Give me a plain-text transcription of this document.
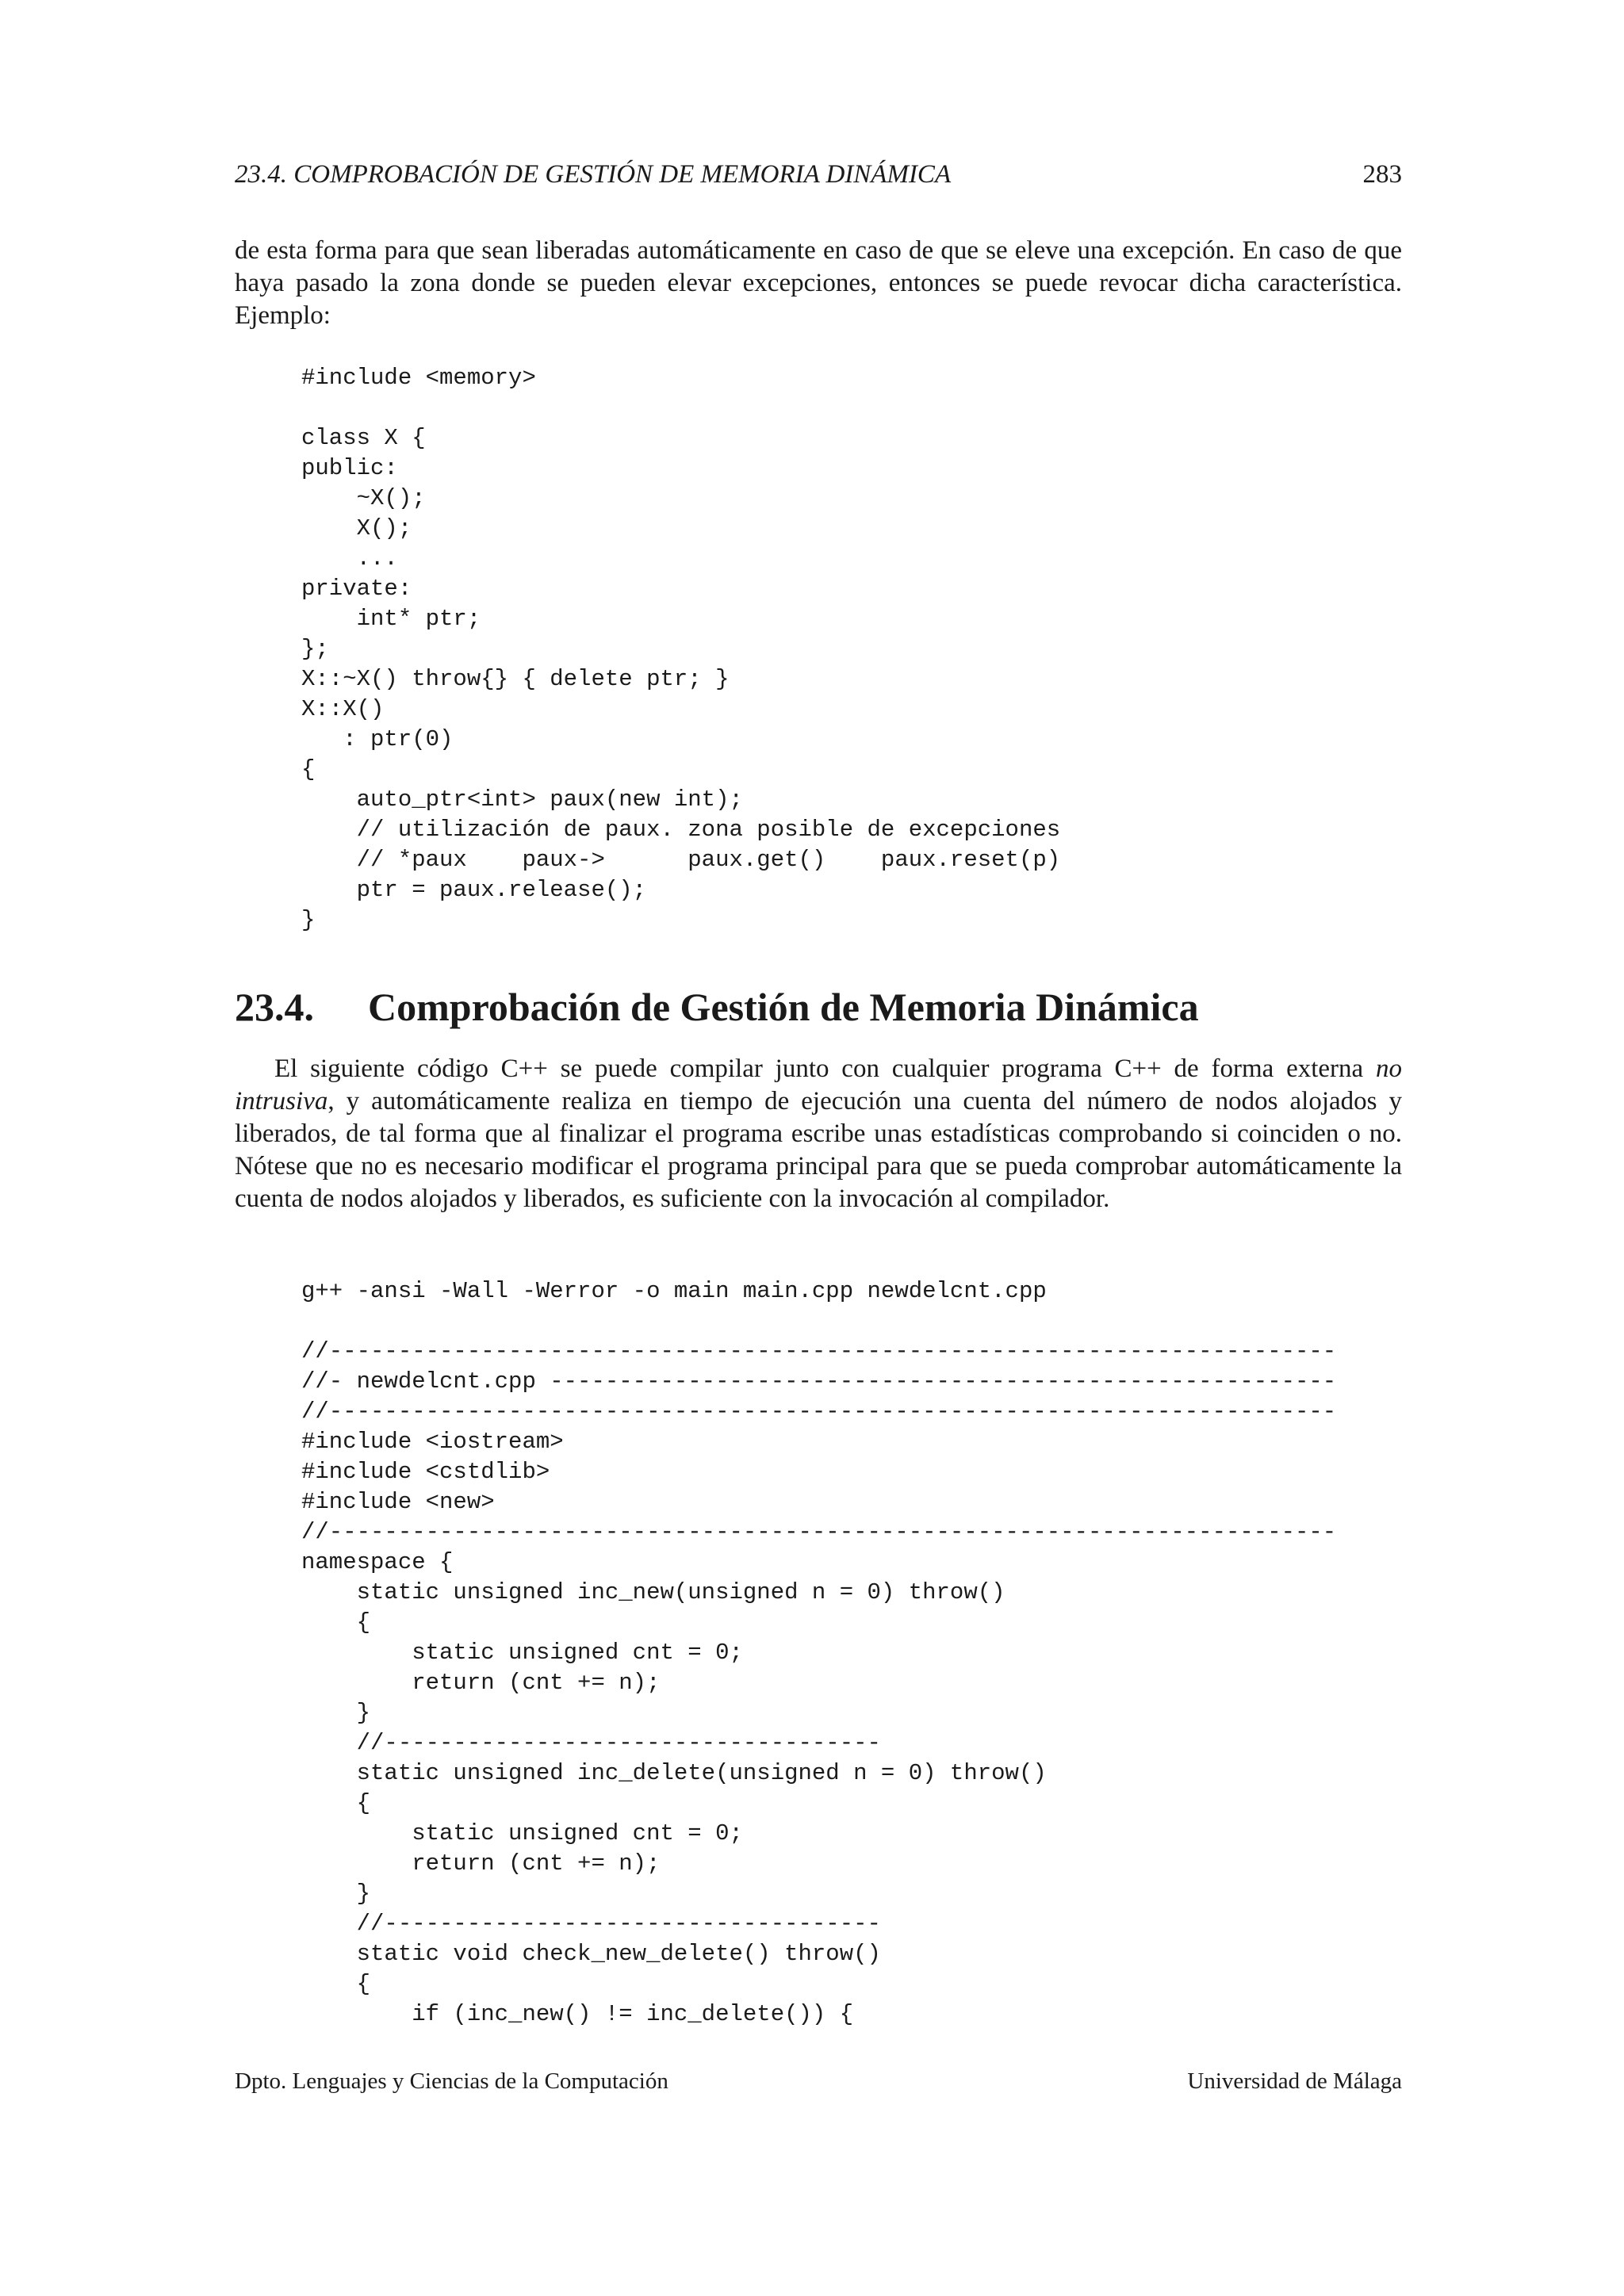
23.4. COMPROBACIÓN DE GESTIÓN DE MEMORIA DINÁMICA	283

de esta forma para que sean liberadas automáticamente en caso de que se eleve una excepción. En caso de que haya pasado la zona donde se pueden elevar excepciones, entonces se puede revocar dicha característica. Ejemplo:

#include <memory>

class X {
public:
~X();
X();
...
private:
int* ptr;
};
X::~X() throw{} { delete ptr; }
X::X()
: ptr(0)
{
auto_ptr<int> paux(new int);
// utilización de paux. zona posible de excepciones
// *paux    paux->      paux.get()    paux.reset(p)
ptr = paux.release();
}
23.4. Comprobación de Gestión de Memoria Dinámica

El siguiente código C++ se puede compilar junto con cualquier programa C++ de forma externa no intrusiva, y automáticamente realiza en tiempo de ejecución una cuenta del número de nodos alojados y liberados, de tal forma que al finalizar el programa escribe unas estadísticas comprobando si coinciden o no. Nótese que no es necesario modificar el programa principal para que se pueda comprobar automáticamente la cuenta de nodos alojados y liberados, es suficiente con la invocación al compilador.

g++ -ansi -Wall -Werror -o main main.cpp newdelcnt.cpp
//-------------------------------------------------------------------------
//- newdelcnt.cpp ---------------------------------------------------------
//-------------------------------------------------------------------------
#include <iostream>
#include <cstdlib>
#include <new>
//-------------------------------------------------------------------------
namespace {
static unsigned inc_new(unsigned n = 0) throw()
{
static unsigned cnt = 0;
return (cnt += n);
}
//------------------------------------
static unsigned inc_delete(unsigned n = 0) throw()
{
static unsigned cnt = 0;
return (cnt += n);
}
//------------------------------------
static void check_new_delete() throw()
{
if (inc_new() != inc_delete()) {
Dpto. Lenguajes y Ciencias de la Computación	Universidad de Málaga
